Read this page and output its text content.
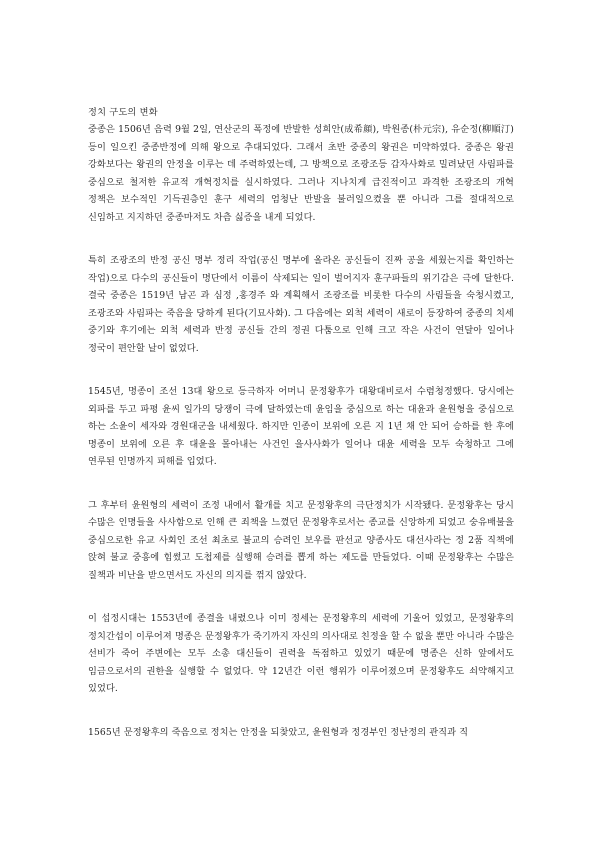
정치 구도의 변화

중종은 1506년 음력 9월 2일, 연산군의 폭정에 반발한 성희안(成希顔), 박원종(朴元宗), 유순정(柳順汀)등이 일으킨 중종반정에 의해 왕으로 추대되었다. 그래서 초반 중종의 왕권은 미약하였다. 중종은 왕권 강화보다는 왕권의 안정을 이루는 데 주력하였는데, 그 방책으로 조광조등 갑자사화로 밀려났던 사림파를 중심으로 철저한 유교적 개혁정치를 실시하였다. 그러나 지나치게 급진적이고 과격한 조광조의 개혁 정책은 보수적인 기득권층인 훈구 세력의 엄청난 반발을 불러일으켰을 뿐 아니라 그를 절대적으로 신임하고 지지하던 중종마저도 차츰 싫증을 내게 되었다.

특히 조광조의 반정 공신 명부 정리 작업(공신 명부에 올라온 공신들이 진짜 공을 세웠는지를 확인하는 작업)으로 다수의 공신들이 명단에서 이름이 삭제되는 일이 벌어지자 훈구파들의 위기감은 극에 달한다. 결국 중종은 1519년 남곤 과 심정 ,홍경주 와 계획해서 조광조를 비롯한 다수의 사림들을 숙청시켰고, 조광조와 사림파는 죽음을 당하게 된다(기묘사화). 그 다음에는 외척 세력이 새로이 등장하여 중종의 치세 중기와 후기에는 외척 세력과 반정 공신들 간의 정권 다툼으로 인해 크고 작은 사건이 연달아 일어나 정국이 편안할 날이 없었다.

1545년, 명종이 조선 13대 왕으로 등극하자 어머니 문정왕후가 대왕대비로서 수렴청정했다. 당시에는 외파를 두고 파평 윤씨 일가의 당쟁이 극에 달하였는데 윤임을 중심으로 하는 대윤과 윤원형을 중심으로 하는 소윤이 세자와 경원대군을 내세웠다. 하지만 인종이 보위에 오른 지 1년 채 안 되어 승하를 한 후에 명종이 보위에 오른 후 대윤을 몰아내는 사건인 을사사화가 일어나 대윤 세력을 모두 숙청하고 그에 연루된 인명까지 피해를 입었다.

그 후부터 윤원형의 세력이 조정 내에서 활개를 치고 문정왕후의 극단정치가 시작됐다. 문정왕후는 당시 수많은 인명들을 사사함으로 인해 큰 죄책을 느꼈던 문정왕후로서는 종교를 신앙하게 되었고 숭유배불을 중심으로한 유교 사회인 조선 최초로 불교의 승려인 보우를 판선교 양종사도 대선사라는 정 2품 직책에 앉혀 불교 중흥에 힘썼고 도첩제를 실행해 승려를 뽑게 하는 제도를 만들었다. 이때 문정왕후는 수많은 질책과 비난을 받으면서도 자신의 의지를 꺾지 않았다.

이 섭정시대는 1553년에 종결을 내렸으나 이미 정세는 문정왕후의 세력에 기울어 있었고, 문정왕후의 정치간섭이 이루어져 명종은 문정왕후가 죽기까지 자신의 의사대로 친정을 할 수 없을 뿐만 아니라 수많은 선비가 죽어 주변에는 모두 소총 대신들이 권력을 독점하고 있었기 때문에 명종은 신하 앞에서도 임금으로서의 권한을 실행할 수 없었다. 약 12년간 이런 행위가 이루어졌으며 문정왕후도 쇠약해지고 있었다.

1565년 문정왕후의 죽음으로 정치는 안정을 되찾았고, 윤원형과 정경부인 정난정의 관직과 직
